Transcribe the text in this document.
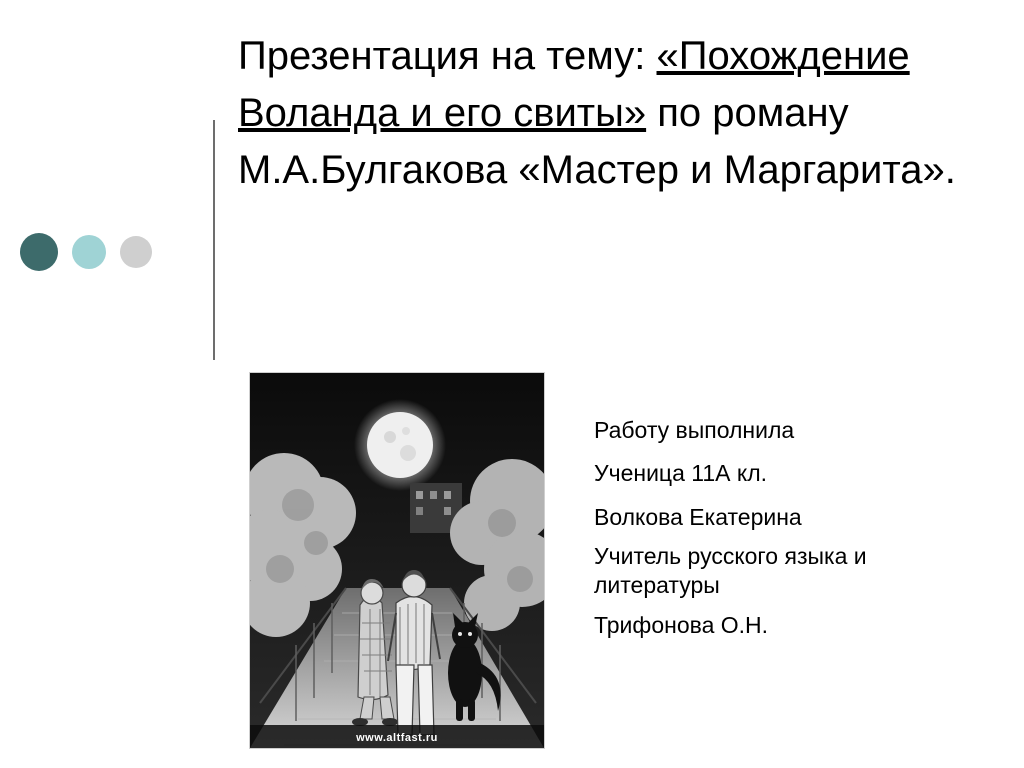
Презентация на тему: «Похождение Воланда и его свиты» по роману М.А.Булгакова «Мастер и Маргарита».
www.altfast.ru

Работу выполнила

Ученица 11А кл.

Волкова Екатерина

Учитель русского языка и литературы

Трифонова О.Н.
